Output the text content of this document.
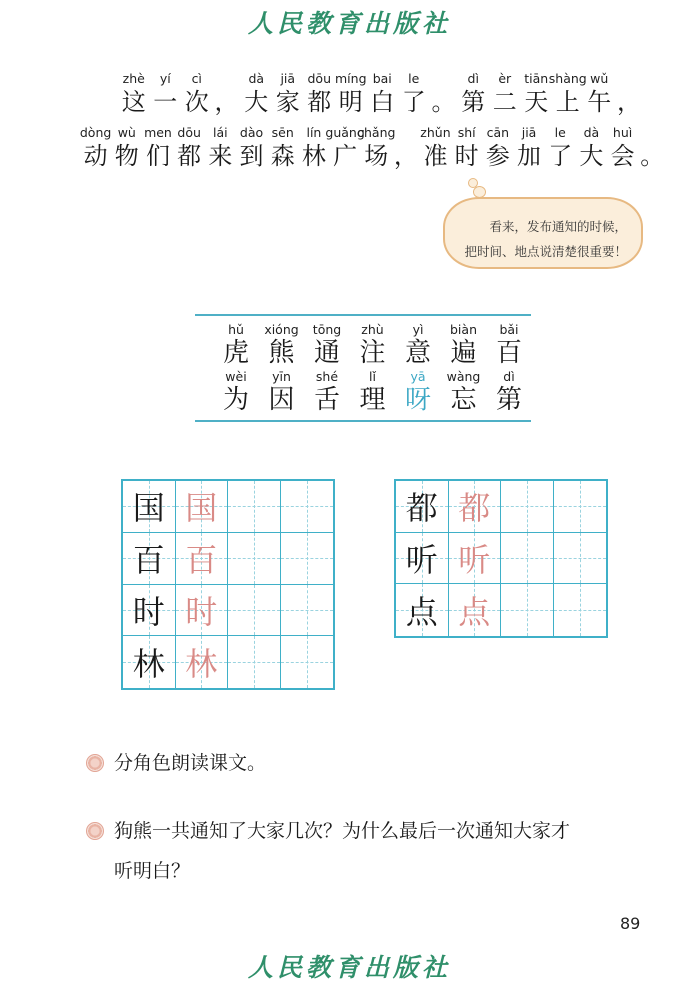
人民教育出版社
zhè
这
yí
一
cì
次 ，
dà
大
jiā
家
dōu
都
míng
明
bai
白
le
了 。
dì
第
èr
二
tiān
天
shàng
上
wǔ
午 ，
dòng
动
wù
物
men
们
dōu
都
lái
来
dào
到
sēn
森
lín
林
guǎng
广
chǎng
场 ，
zhǔn
准
shí
时
cān
参
jiā
加
le
了
dà
大
huì
会 。
看来，发布通知的时候，
把时间、地点说清楚很重要！
hǔ
虎
xióng
熊
tōng
通
zhù
注
yì
意
biàn
遍
bǎi
百
wèi
为
yīn
因
shé
舌
lǐ
理
yā
呀
wàng
忘
dì
第
国 国
百 百
时 时
林 林
都 都
听 听
点 点
分角色朗读课文。
狗熊一共通知了大家几次？为什么最后一次通知大家才
听明白？
89
人民教育出版社
